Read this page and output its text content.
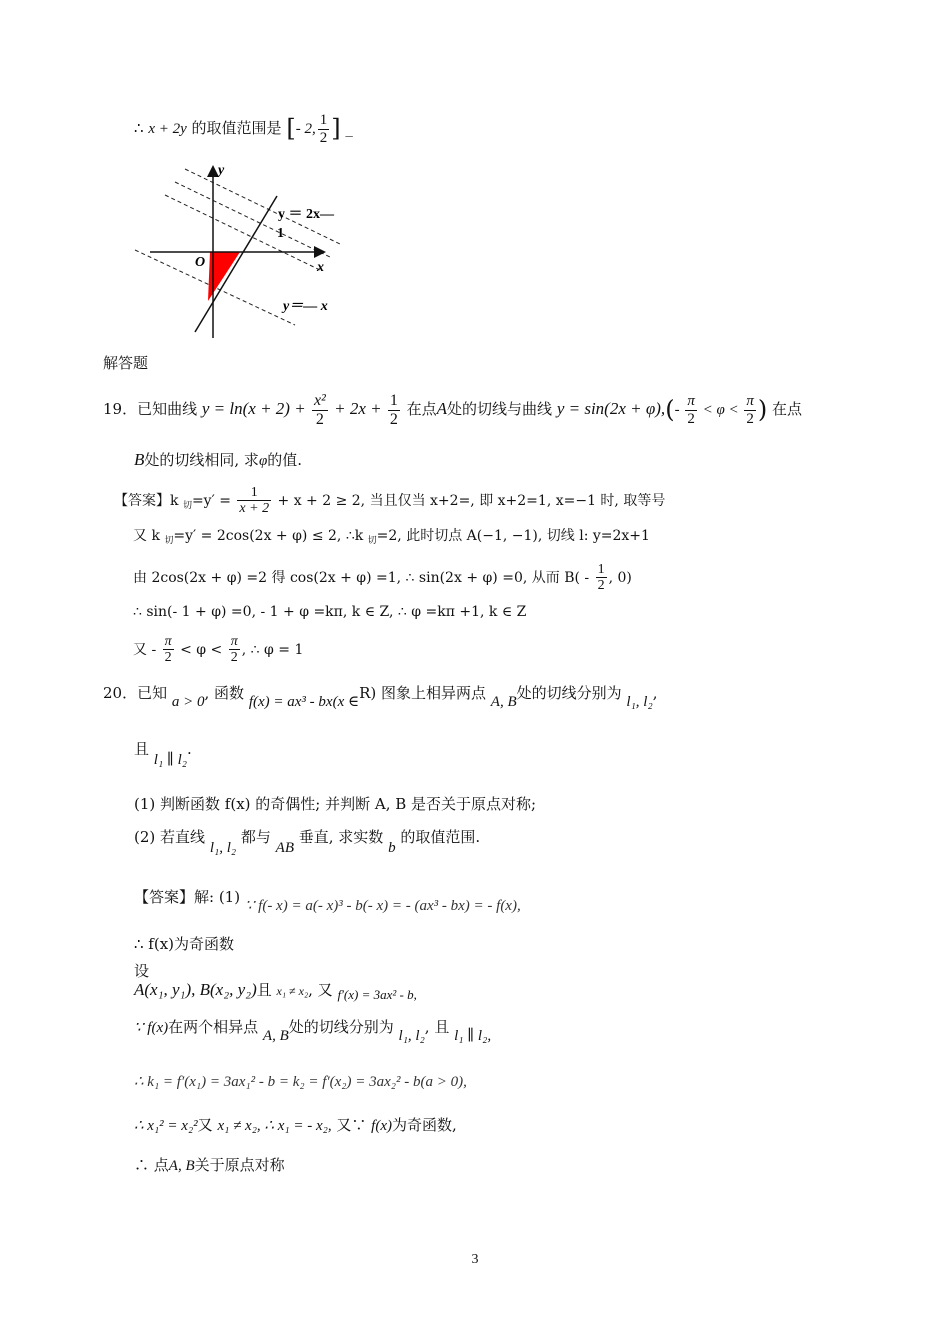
∴ x + 2y 的取值范围是 [- 2, $\frac{1}{2}$ ] _
y
x
O
y ＝ 2x—
1
y＝— x
解答题
19．已知曲线 $y = \ln(x + 2) + \frac{\text{x²}}{2} + 2x + \frac{1}{2}$ 在点A处的切线与曲线 $y = \sin(2x + \varphi),(- \frac{\pi}{2} < \varphi < \frac{\pi}{2}$ ) 在点
B处的切线相同, 求φ的值.
【答案】k $_切=y' = \frac{1}{x + 2} + x + 2 \ge 2$, 当且仅当 x+2=, 即 x+2=1, x=−1 时, 取等号
又 k $_切$=y′ = 2cos(2x + φ) ≤ 2, ∴k $_切$=2, 此时切点 A(−1, −1), 切线 l: y=2x+1
由 2cos(2x + φ) =2 得 cos(2x + φ) =1, ∴ sin(2x + φ) =0, 从而 $B( - \frac{1}{2}$ , 0)
∴ sin(- 1 + φ) =0, - 1 + φ =kπ, k ∈ Z, ∴ φ =kπ +1, k ∈ Z
又 - $\frac{\pi}{2} < \varphi < \frac{\pi}{2}$ , ∴ φ = 1
20．已知 a > 0, 函数 f(x) = ax³ - bx(x ∈R) 图象上相异两点 A, B处的切线分别为 l₁, l₂,
且 l₁ ∥ l₂.
(1) 判断函数 f(x) 的奇偶性; 并判断 A, B 是否关于原点对称;
(2) 若直线 l₁, l₂ 都与 AB 垂直, 求实数 b 的取值范围.
【答案】解: (1) ∵ f(- x) = a(- x)³ - b(- x) = - (ax³ - bx) = - f(x),
∴ f(x)为奇函数
设
A(x₁, y₁), B(x₂, y₂)且 x₁ ≠ x₂, 又 f′(x) = 3ax² - b,
∵ f(x)在两个相异点 A, B处的切线分别为 l₁, l₂, 且 l₁ ∥ l₂,
∴ k₁ = f′(x₁) = 3ax₁² - b = k₂ = f′(x₂) = 3ax₂² - b(a > 0),
∴ x₁² = x₂²又 x₁ ≠ x₂, ∴ x₁ = - x₂, 又∵ f(x)为奇函数,
∴ 点A, B关于原点对称
3
